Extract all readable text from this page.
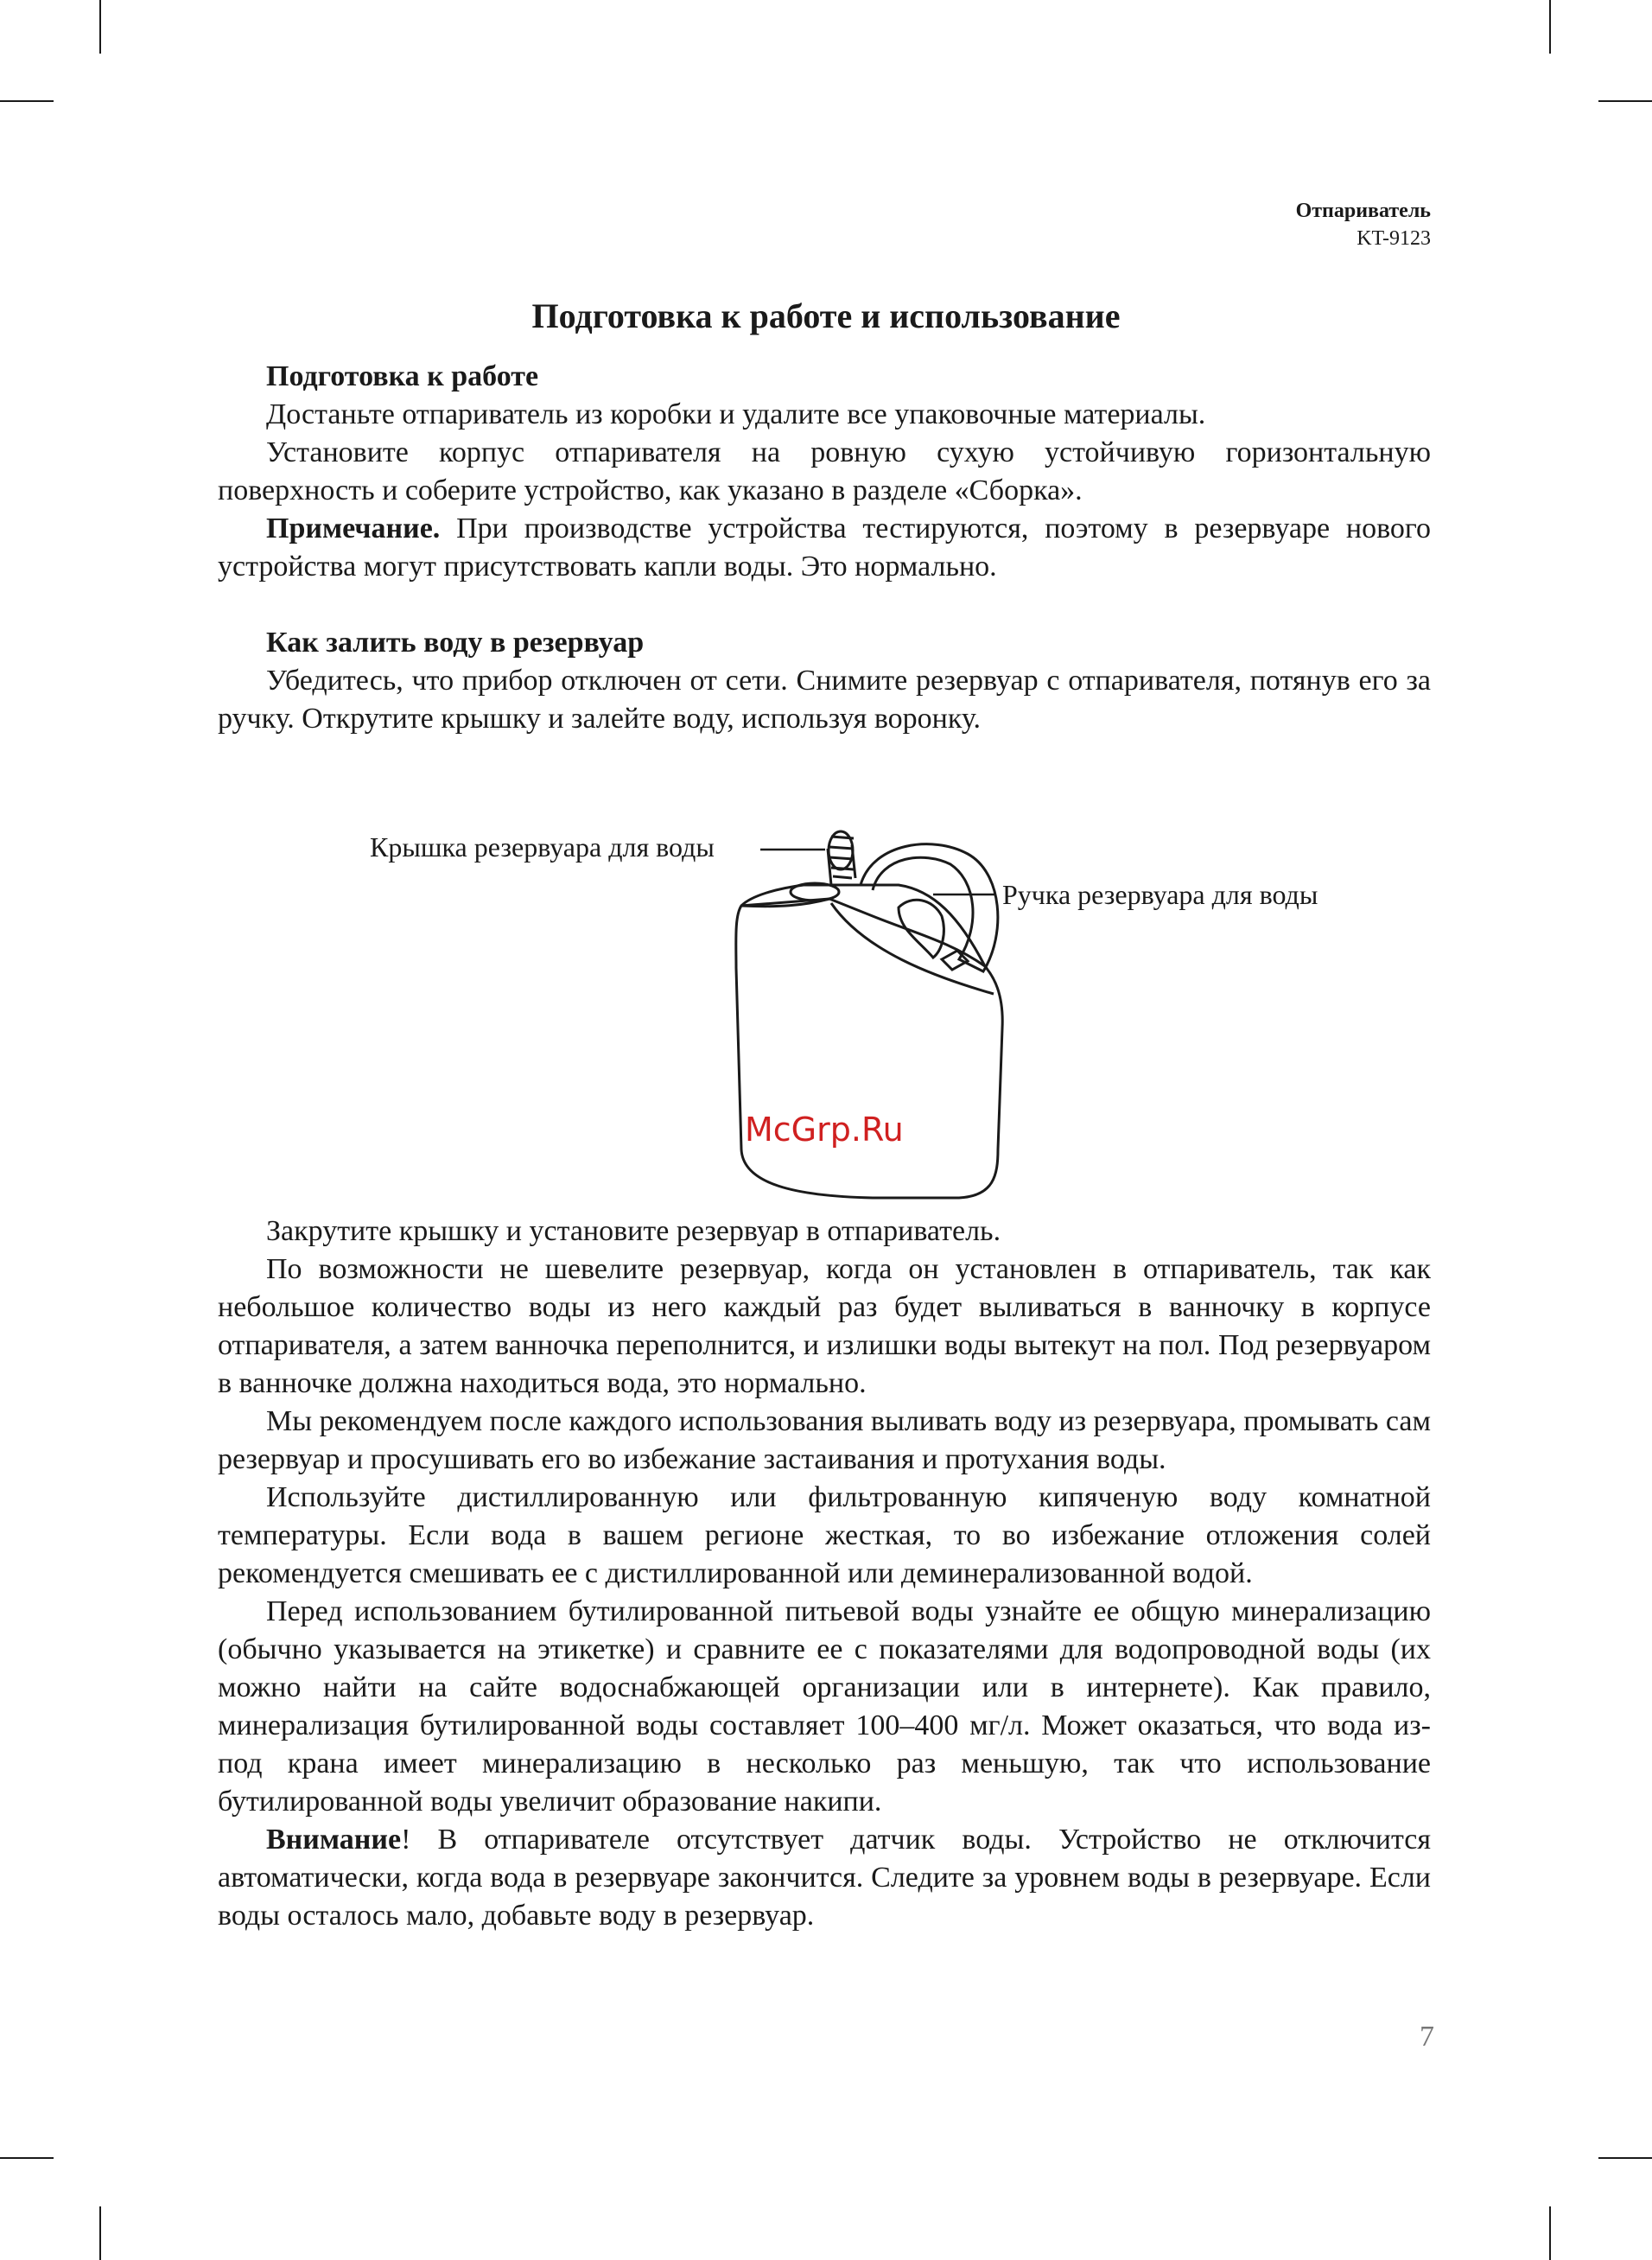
Отпариватель
KT-9123
Подготовка к работе и использование
Подготовка к работе

Достаньте отпариватель из коробки и удалите все упаковочные материалы.

Установите корпус отпаривателя на ровную сухую устойчивую горизонтальную поверхность и соберите устройство, как указано в разделе «Сборка».

Примечание. При производстве устройства тестируются, поэтому в резервуаре нового устройства могут присутствовать капли воды. Это нормально.

Как залить воду в резервуар

Убедитесь, что прибор отключен от сети. Снимите резервуар с отпаривателя, потянув его за ручку. Открутите крышку и залейте воду, используя воронку.

Крышка резервуара для воды
Ручка резервуара для воды
McGrp.Ru

Закрутите крышку и установите резервуар в отпариватель.

По возможности не шевелите резервуар, когда он установлен в отпариватель, так как небольшое количество воды из него каждый раз будет выливаться в ванночку в корпусе отпаривателя, а затем ванночка переполнится, и излишки воды вытекут на пол. Под резервуаром в ванночке должна находиться вода, это нормально.

Мы рекомендуем после каждого использования выливать воду из резервуара, промывать сам резервуар и просушивать его во избежание застаивания и протухания воды.

Используйте дистиллированную или фильтрованную кипяченую воду комнатной температуры. Если вода в вашем регионе жесткая, то во избежание отложения солей рекомендуется смешивать ее с дистиллированной или деминерализованной водой.

Перед использованием бутилированной питьевой воды узнайте ее общую минерализацию (обычно указывается на этикетке) и сравните ее с показателями для водопроводной воды (их можно найти на сайте водоснабжающей организации или в интернете). Как правило, минерализация бутилированной воды составляет 100–400 мг/л. Может оказаться, что вода из-под крана имеет минерализацию в несколько раз меньшую, так что использование бутилированной воды увеличит образование накипи.

Внимание! В отпаривателе отсутствует датчик воды. Устройство не отключится автоматически, когда вода в резервуаре закончится. Следите за уровнем воды в резервуаре. Если воды осталось мало, добавьте воду в резервуар.

7
